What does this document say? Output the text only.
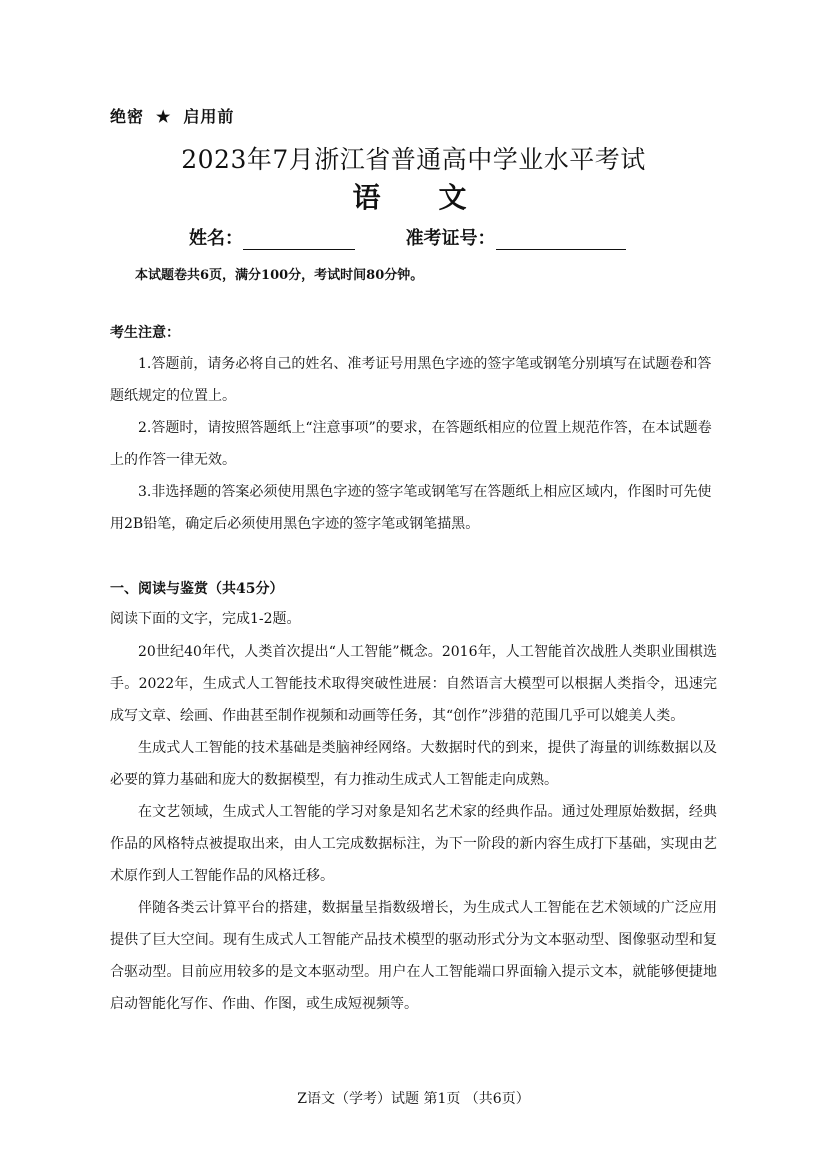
绝密 ★ 启用前
2023年7月浙江省普通高中学业水平考试
语文
姓名：	准考证号：
本试题卷共6页，满分100分，考试时间80分钟。
考生注意：

1.答题前，请务必将自己的姓名、准考证号用黑色字迹的签字笔或钢笔分别填写在试题卷和答题纸规定的位置上。

2.答题时，请按照答题纸上“注意事项”的要求，在答题纸相应的位置上规范作答，在本试题卷上的作答一律无效。

3.非选择题的答案必须使用黑色字迹的签字笔或钢笔写在答题纸上相应区域内，作图时可先使用2B铅笔，确定后必须使用黑色字迹的签字笔或钢笔描黑。

一、阅读与鉴赏（共45分）
阅读下面的文字，完成1-2题。

20世纪40年代，人类首次提出“人工智能”概念。2016年，人工智能首次战胜人类职业围棋选手。2022年，生成式人工智能技术取得突破性进展：自然语言大模型可以根据人类指令，迅速完成写文章、绘画、作曲甚至制作视频和动画等任务，其“创作”涉猎的范围几乎可以媲美人类。

生成式人工智能的技术基础是类脑神经网络。大数据时代的到来，提供了海量的训练数据以及必要的算力基础和庞大的数据模型，有力推动生成式人工智能走向成熟。

在文艺领域，生成式人工智能的学习对象是知名艺术家的经典作品。通过处理原始数据，经典作品的风格特点被提取出来，由人工完成数据标注，为下一阶段的新内容生成打下基础，实现由艺术原作到人工智能作品的风格迁移。

伴随各类云计算平台的搭建，数据量呈指数级增长，为生成式人工智能在艺术领域的广泛应用提供了巨大空间。现有生成式人工智能产品技术模型的驱动形式分为文本驱动型、图像驱动型和复合驱动型。目前应用较多的是文本驱动型。用户在人工智能端口界面输入提示文本，就能够便捷地启动智能化写作、作曲、作图，或生成短视频等。

Z语文（学考）试题 第1页 （共6页）
